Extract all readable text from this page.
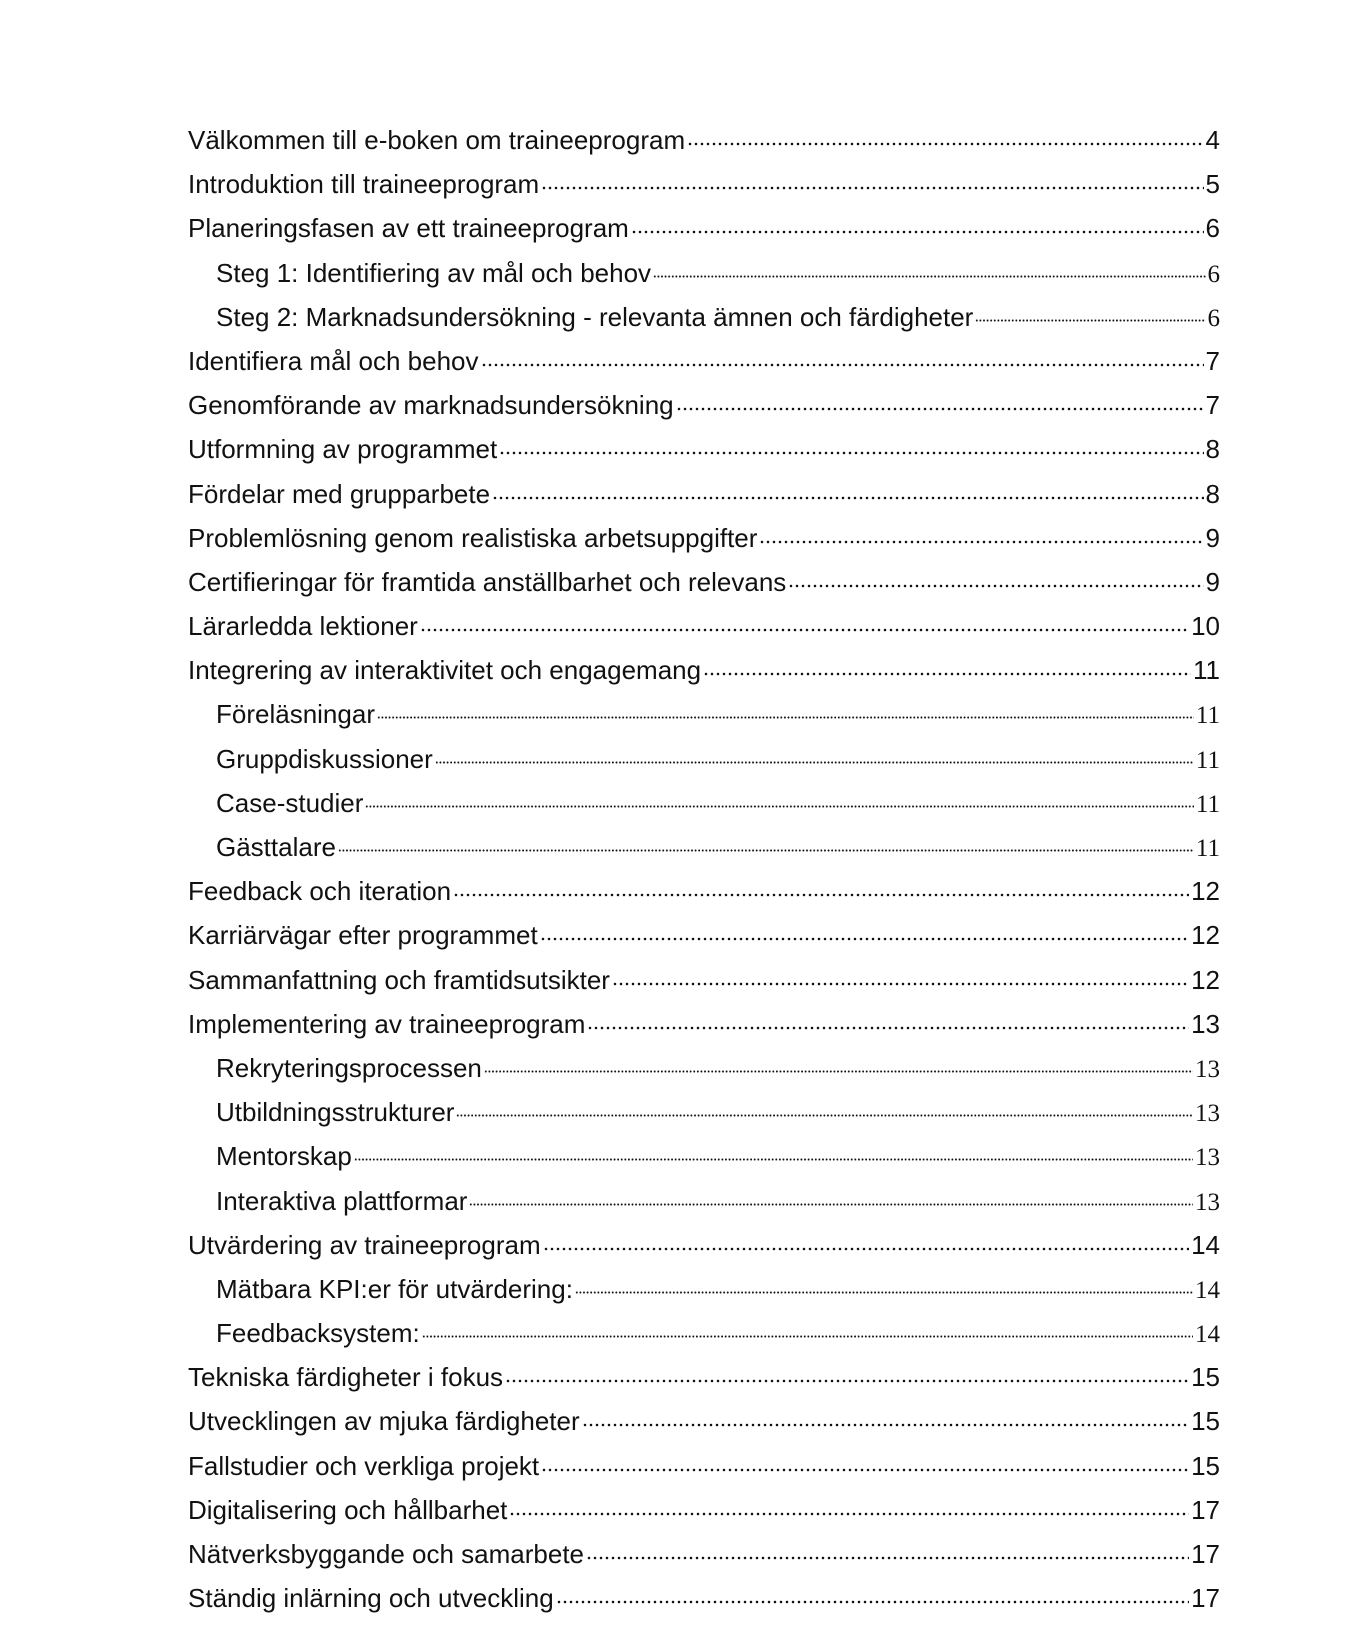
Välkommen till e-boken om traineeprogram	4
Introduktion till traineeprogram	5
Planeringsfasen av ett traineeprogram	6
Steg 1: Identifiering av mål och behov	6
Steg 2: Marknadsundersökning - relevanta ämnen och färdigheter	6
Identifiera mål och behov	7
Genomförande av marknadsundersökning	7
Utformning av programmet	8
Fördelar med grupparbete	8
Problemlösning genom realistiska arbetsuppgifter	9
Certifieringar för framtida anställbarhet och relevans	9
Lärarledda lektioner	10
Integrering av interaktivitet och engagemang	11
Föreläsningar	11
Gruppdiskussioner	11
Case-studier	11
Gästtalare	11
Feedback och iteration	12
Karriärvägar efter programmet	12
Sammanfattning och framtidsutsikter	12
Implementering av traineeprogram	13
Rekryteringsprocessen	13
Utbildningsstrukturer	13
Mentorskap	13
Interaktiva plattformar	13
Utvärdering av traineeprogram	14
Mätbara KPI:er för utvärdering:	14
Feedbacksystem:	14
Tekniska färdigheter i fokus	15
Utvecklingen av mjuka färdigheter	15
Fallstudier och verkliga projekt	15
Digitalisering och hållbarhet	17
Nätverksbyggande och samarbete	17
Ständig inlärning och utveckling	17
